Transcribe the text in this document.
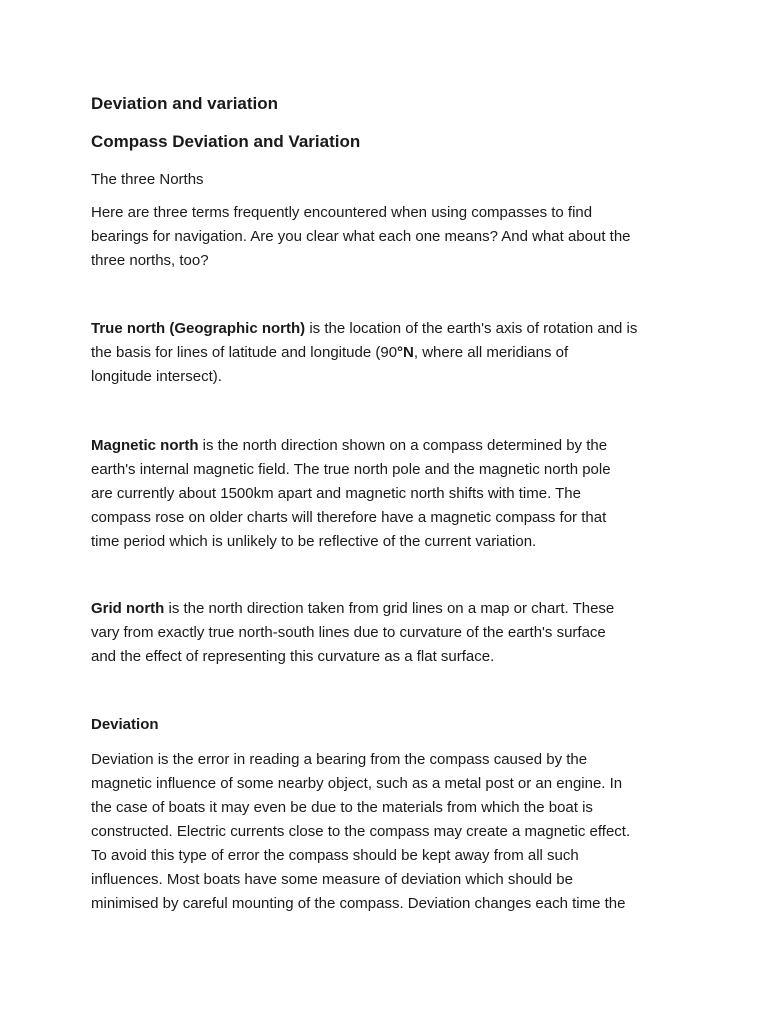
Deviation and variation
Compass Deviation and Variation
The three Norths
Here are three terms frequently encountered when using compasses to find
bearings for navigation. Are you clear what each one means? And what about the
three norths, too?
True north (Geographic north) is the location of the earth's axis of rotation and is
the basis for lines of latitude and longitude (90°N, where all meridians of
longitude intersect).
Magnetic north is the north direction shown on a compass determined by the
earth's internal magnetic field. The true north pole and the magnetic north pole
are currently about 1500km apart and magnetic north shifts with time. The
compass rose on older charts will therefore have a magnetic compass for that
time period which is unlikely to be reflective of the current variation.
Grid north is the north direction taken from grid lines on a map or chart. These
vary from exactly true north-south lines due to curvature of the earth's surface
and the effect of representing this curvature as a flat surface.
Deviation
Deviation is the error in reading a bearing from the compass caused by the
magnetic influence of some nearby object, such as a metal post or an engine. In
the case of boats it may even be due to the materials from which the boat is
constructed. Electric currents close to the compass may create a magnetic effect.
To avoid this type of error the compass should be kept away from all such
influences. Most boats have some measure of deviation which should be
minimised by careful mounting of the compass. Deviation changes each time the
